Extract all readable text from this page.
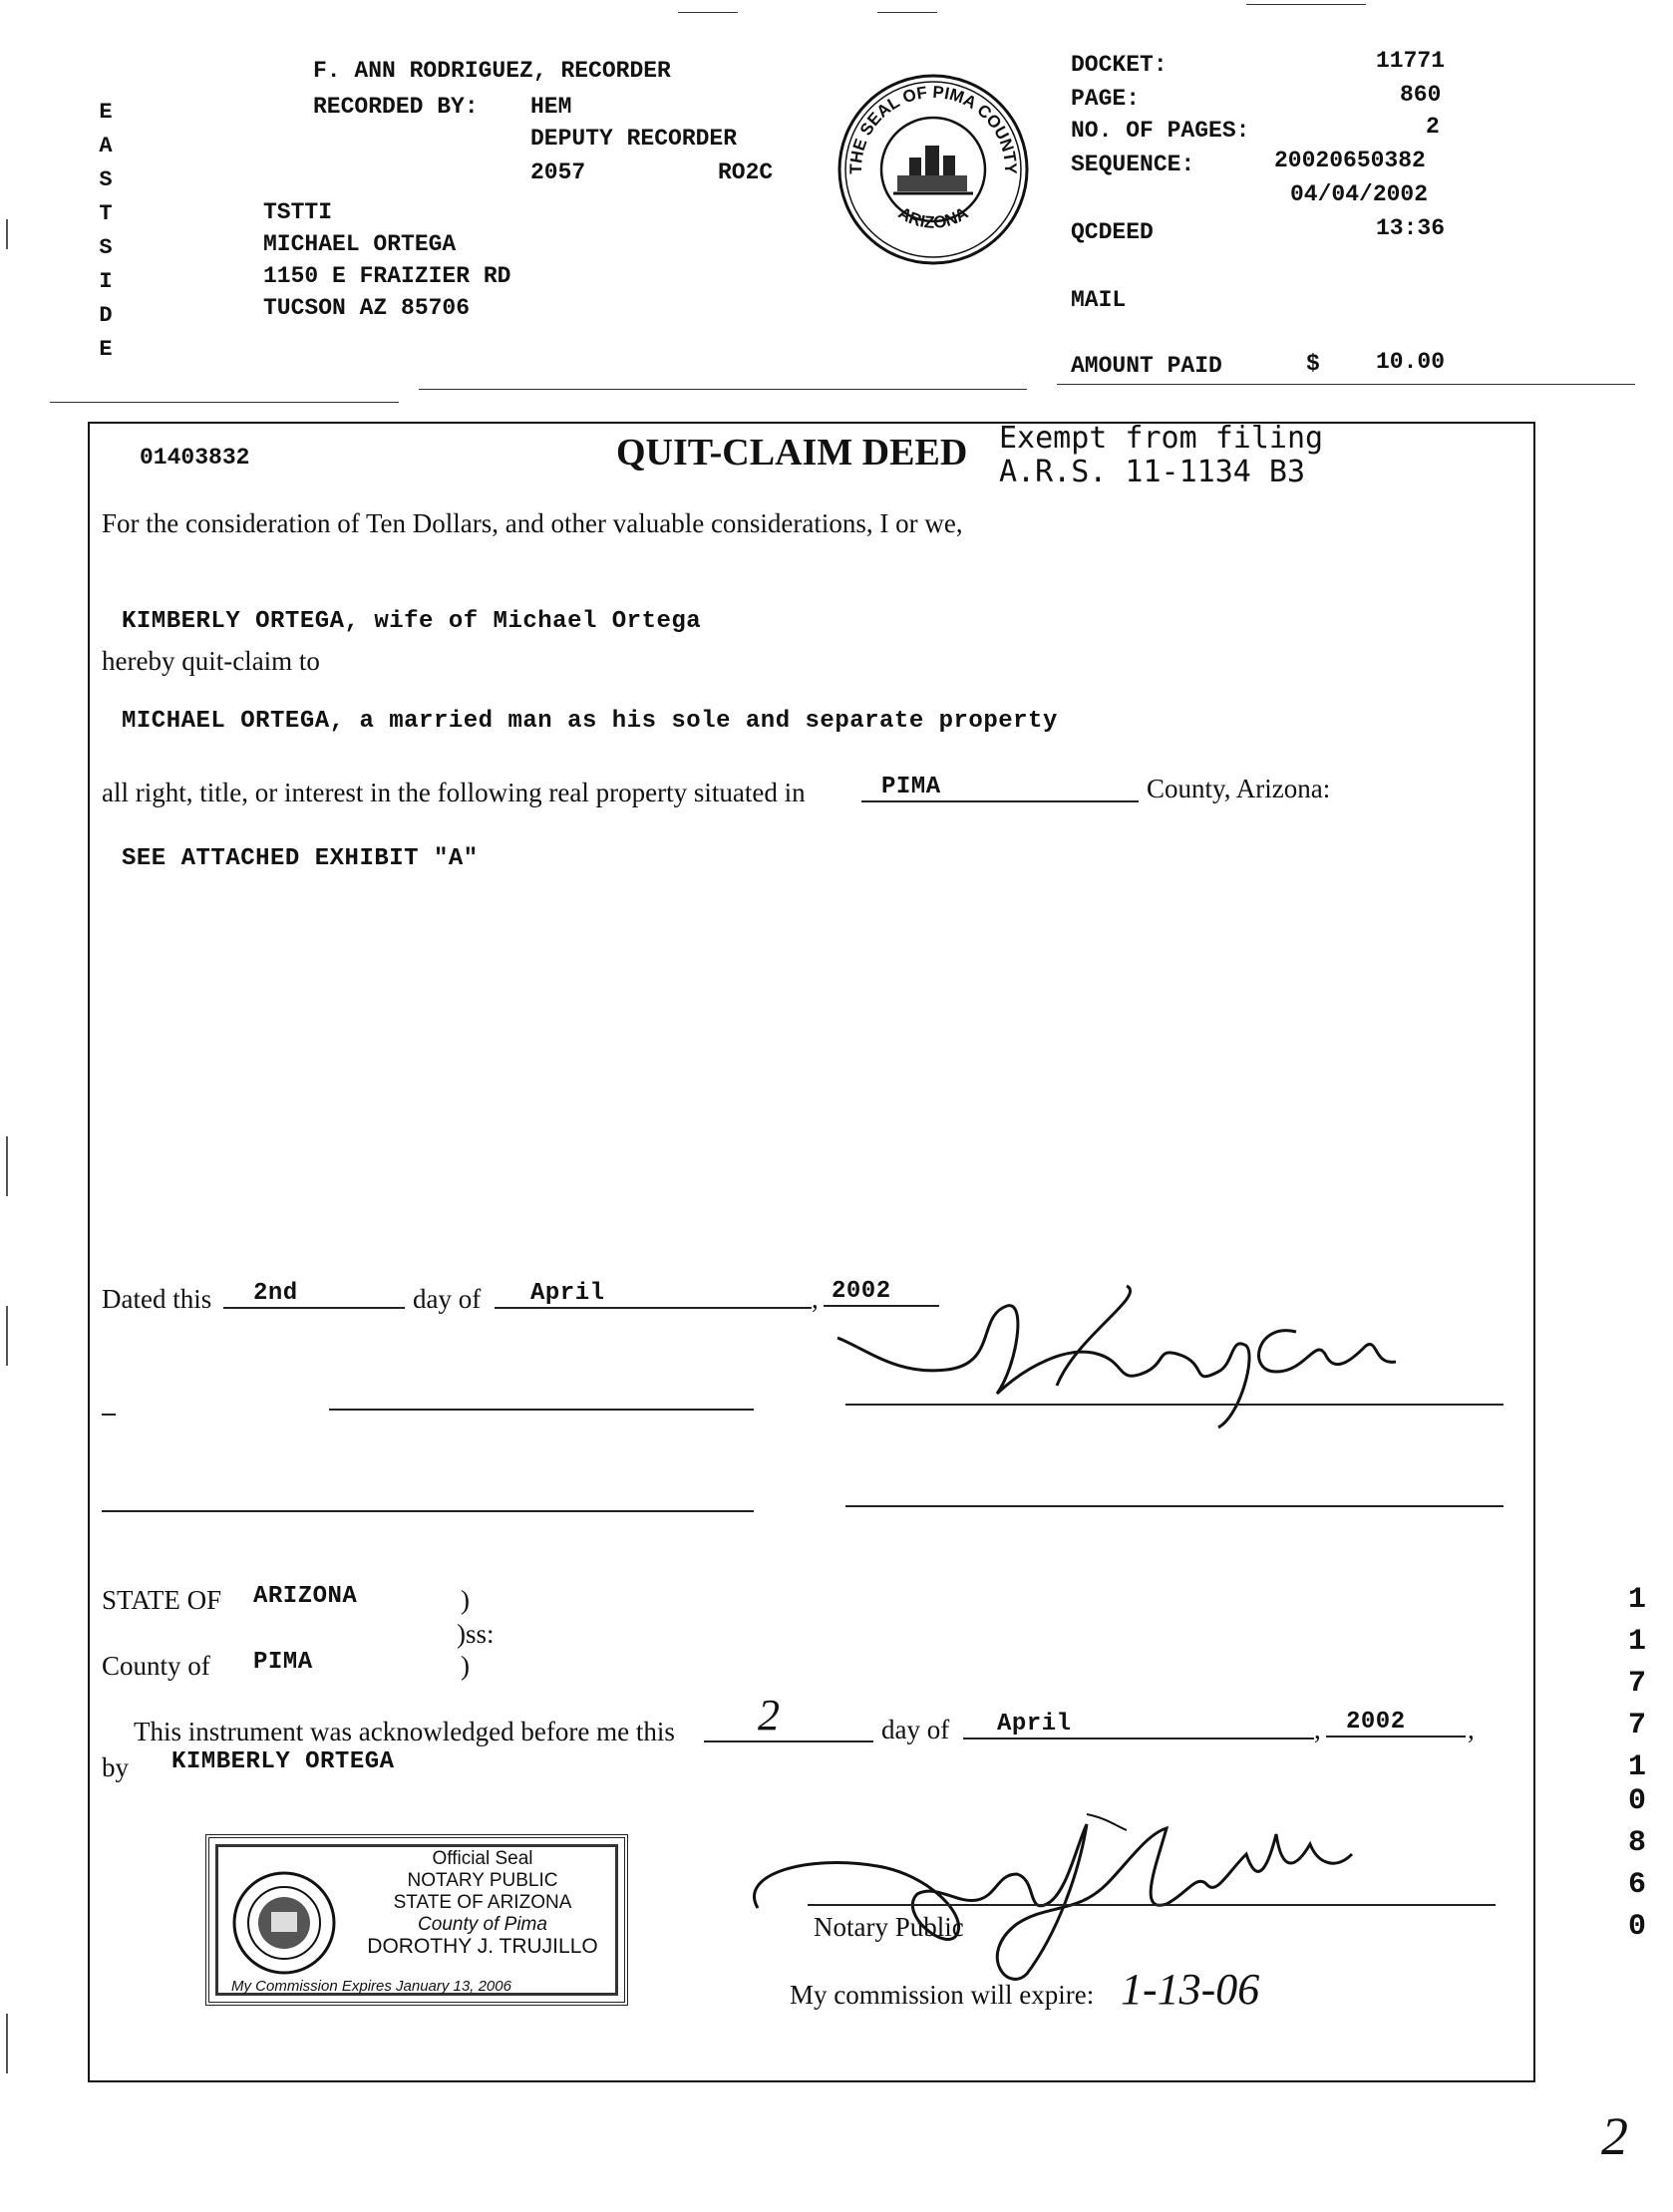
E
A
S
T
S
I
D
E
F. ANN RODRIGUEZ, RECORDER
RECORDED BY: HEM
DEPUTY RECORDER
2057	RO2C
TSTTI
MICHAEL ORTEGA
1150 E FRAIZIER RD
TUCSON AZ 85706
THE SEAL OF PIMA COUNTY
ARIZONA
DOCKET:	11771
PAGE:	860
NO. OF PAGES:	2
SEQUENCE:	20020650382
04/04/2002
QCDEED	13:36
MAIL
AMOUNT PAID	$ 10.00
01403832	QUIT-CLAIM DEED Exempt from filing
A.R.S. 11-1134 B3
For the consideration of Ten Dollars, and other valuable considerations, I or we,
KIMBERLY ORTEGA, wife of Michael Ortega
hereby quit-claim to
MICHAEL ORTEGA, a married man as his sole and separate property
all right, title, or interest in the following real property situated in	PIMA	County, Arizona:
SEE ATTACHED EXHIBIT "A"
Dated this	2nd	day of	April	, 2002
Kimberly Ortega
STATE OF ARIZONA	)
)ss:
County of PIMA	)
This instrument was acknowledged before me this	2	day of	April	,	2002	,
by KIMBERLY ORTEGA
Official Seal
NOTARY PUBLIC
STATE OF ARIZONA
County of Pima
DOROTHY J. TRUJILLO
My Commission Expires January 13, 2006	Dorothy J. Trujillo
Notary Public
My commission will expire: 1-13-06
1
1
7
7
1
0
8
6
0
2
